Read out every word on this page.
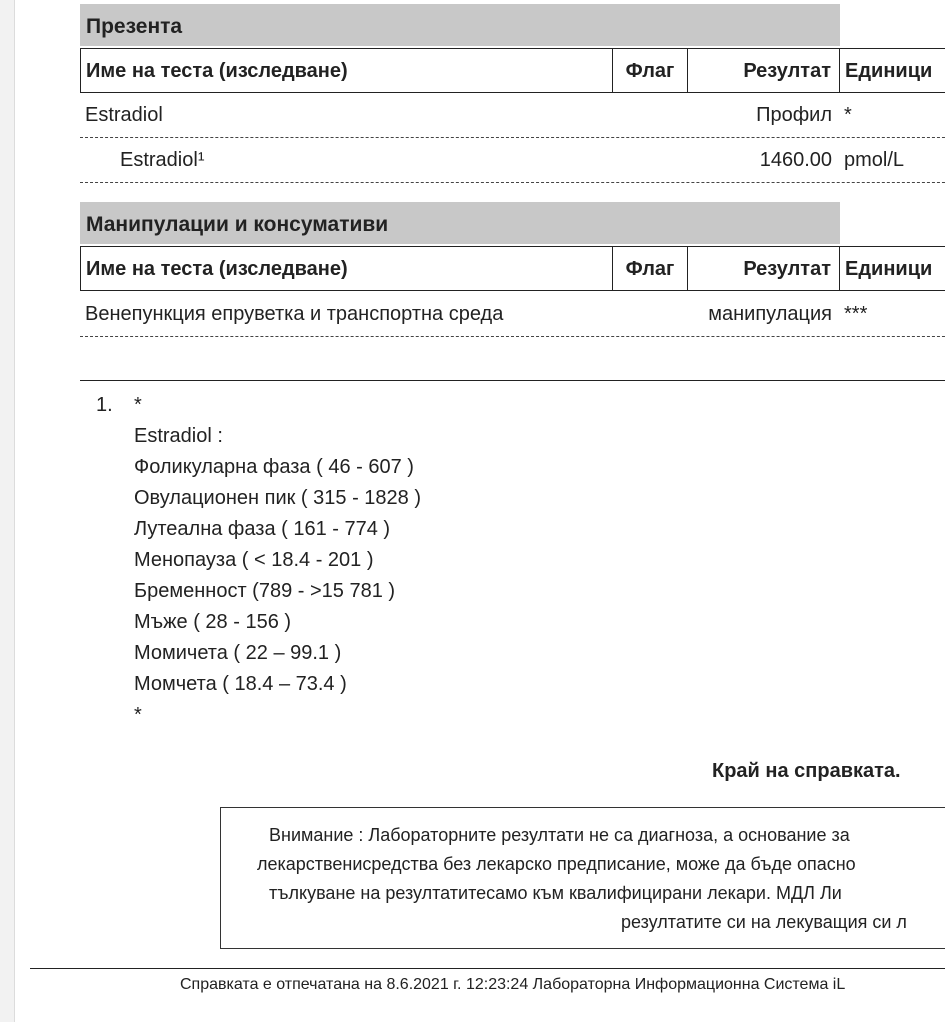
Презента
Име на теста (изследване)	Флаг	Резултат Единици
Estradiol	Профил *
Estradiol¹	1460.00 pmol/L
Манипулации и консумативи
Име на теста (изследване)	Флаг	Резултат Единици
Венепункция епруветка и транспортна среда	манипулация ***
1. *
Estradiol :
Фоликуларна фаза ( 46 - 607 )
Овулационен пик ( 315 - 1828 )
Лутеална фаза ( 161 - 774 )
Менопауза ( < 18.4 - 201 )
Бременност (789 - >15 781 )
Мъже ( 28 - 156 )
Момичета ( 22 – 99.1 )
Момчета ( 18.4 – 73.4 )
*
Край на справката.
Внимание : Лабораторните резултати не са диагноза, а основание за
лекарственисредства без лекарско предписание, може да бъде опасно
тълкуване на резултатитесамо към квалифицирани лекари. МДЛ Ли
резултатите си на лекуващия си л
Справката е отпечатана на 8.6.2021 г. 12:23:24 Лабораторна Информационна Система iL
